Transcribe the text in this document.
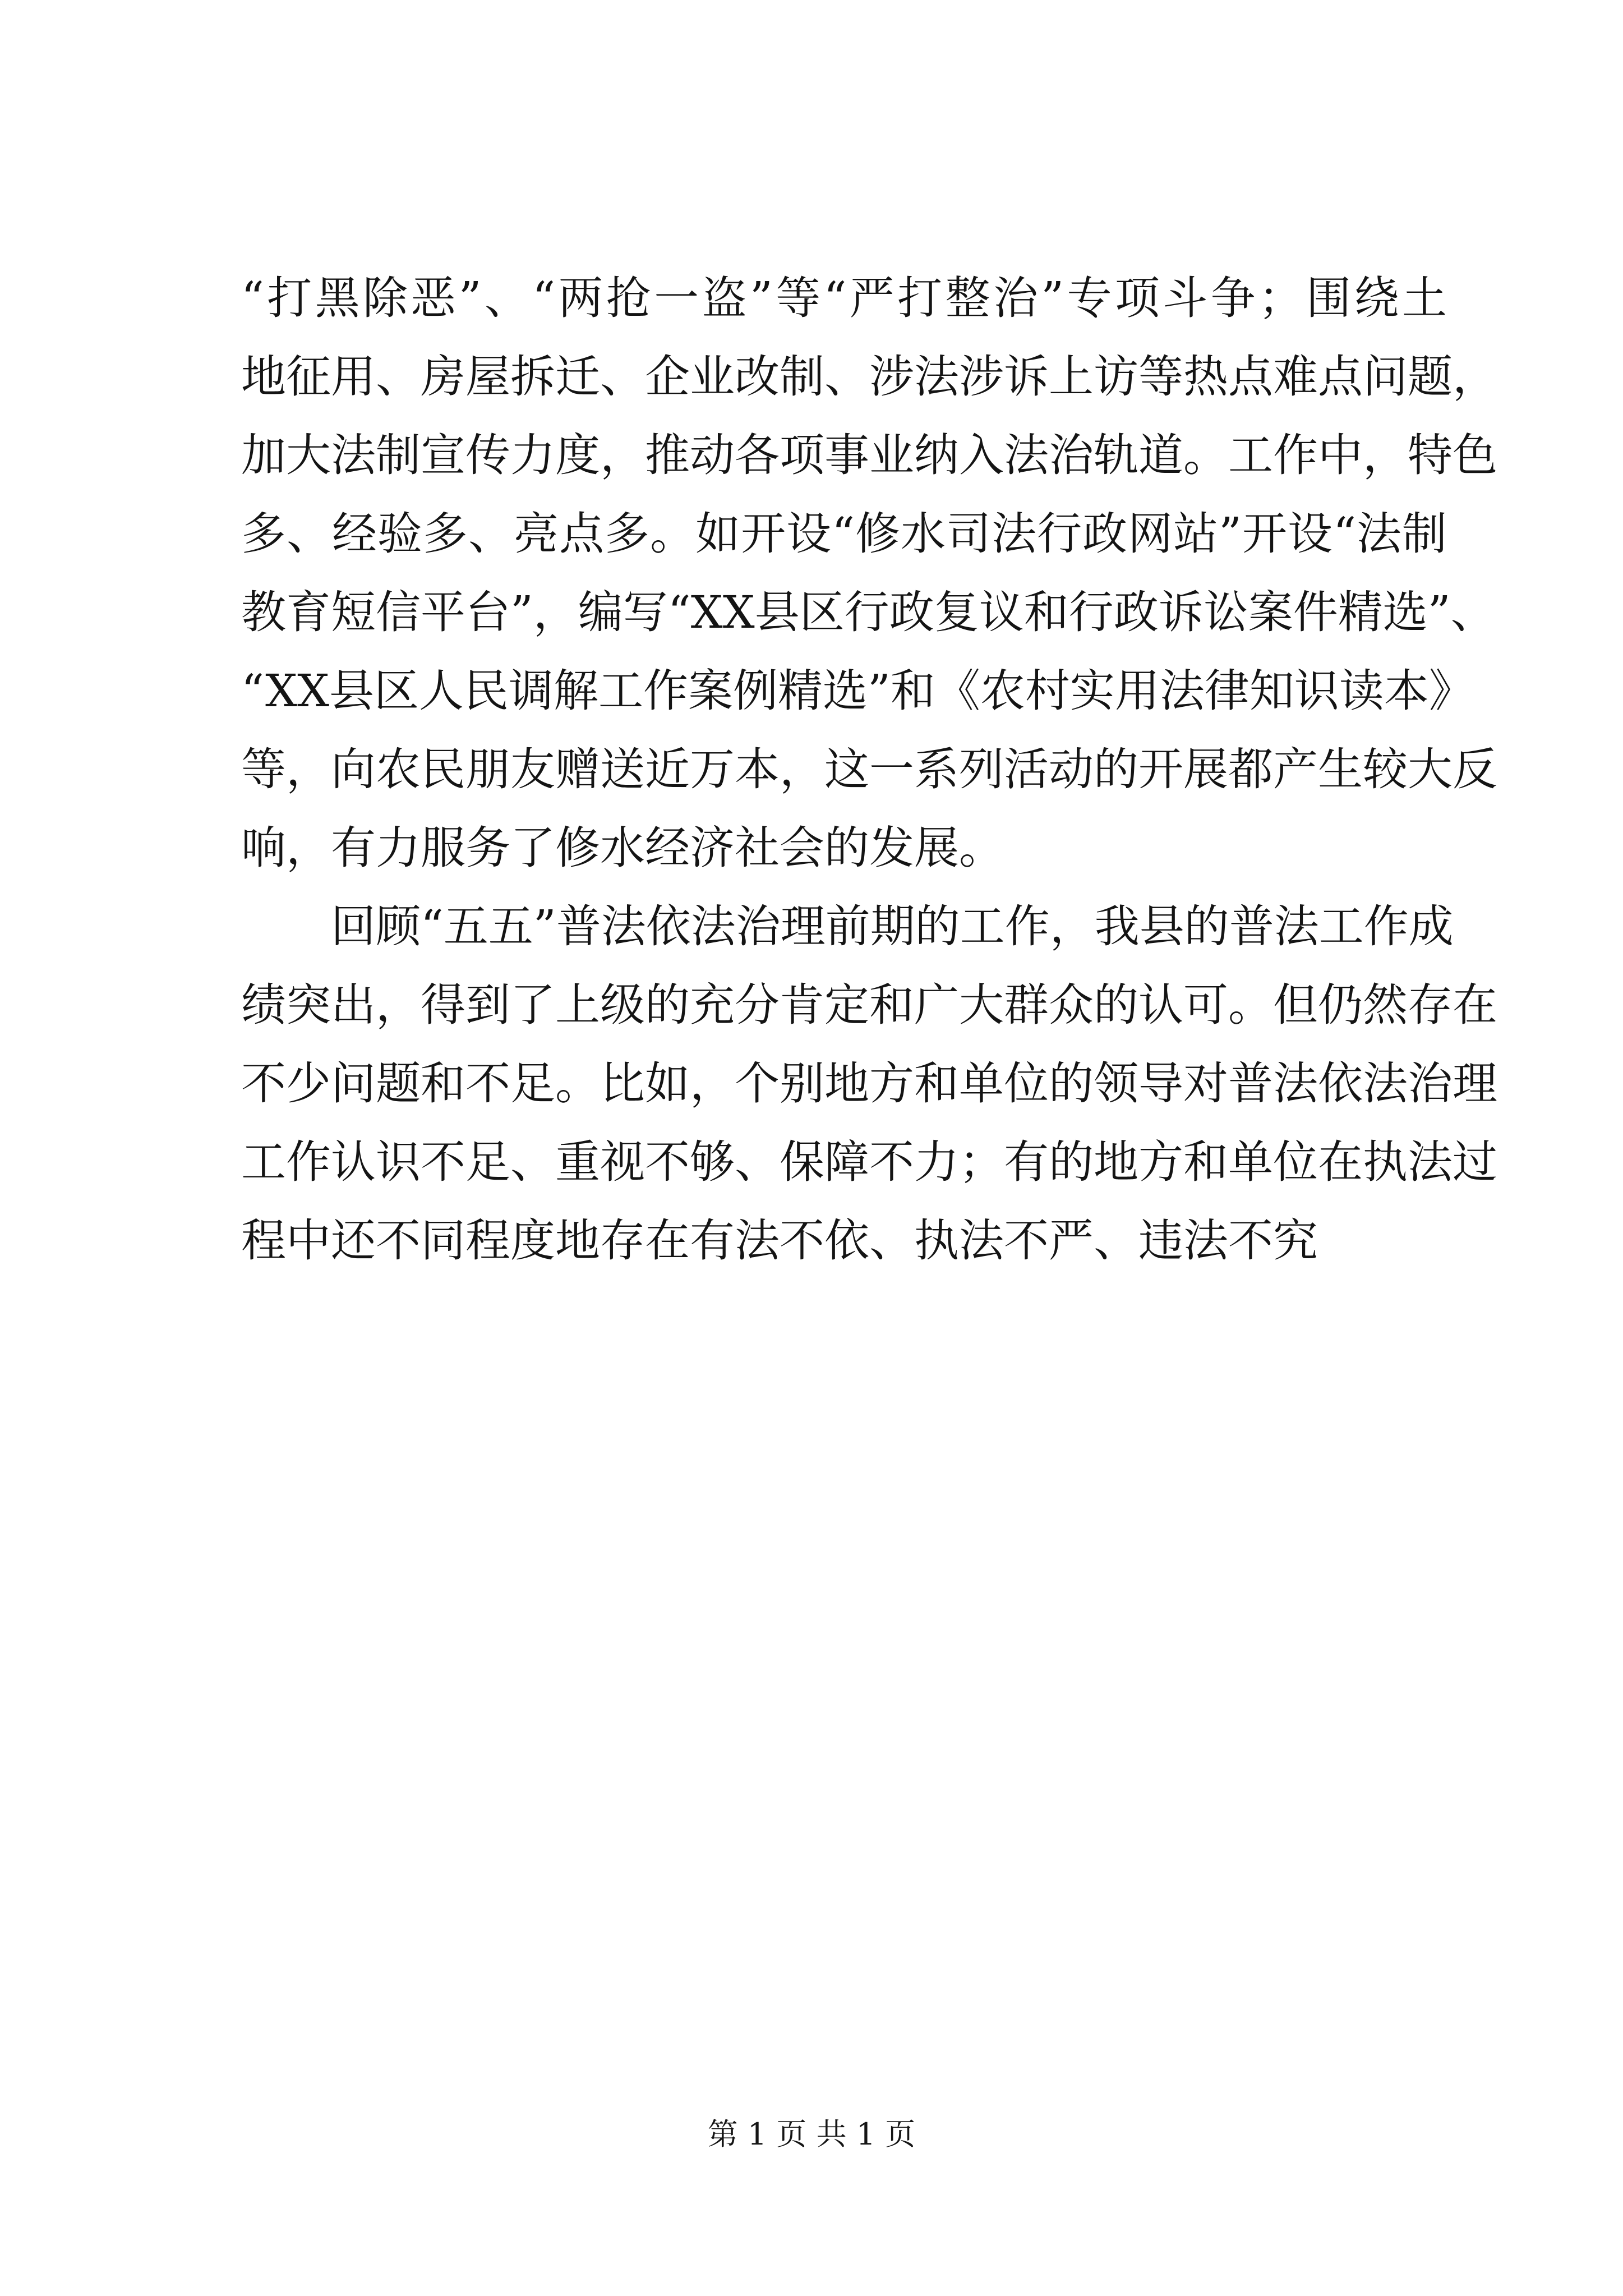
“打黑除恶”、“两抢一盗”等“严打整治”专项斗争；围绕土
地征用、房屋拆迁、企业改制、涉法涉诉上访等热点难点问题，
加大法制宣传力度，推动各项事业纳入法治轨道。工作中，特色
多、经验多、亮点多。如开设“修水司法行政网站”开设“法制
教育短信平台”，编写“XX县区行政复议和行政诉讼案件精选”、
“XX县区人民调解工作案例精选”和《农村实用法律知识读本》
等，向农民朋友赠送近万本，这一系列活动的开展都产生较大反
响，有力服务了修水经济社会的发展。
回顾“五五”普法依法治理前期的工作，我县的普法工作成
绩突出，得到了上级的充分肯定和广大群众的认可。但仍然存在
不少问题和不足。比如，个别地方和单位的领导对普法依法治理
工作认识不足、重视不够、保障不力；有的地方和单位在执法过
程中还不同程度地存在有法不依、执法不严、违法不究
第 1 页 共 1 页
